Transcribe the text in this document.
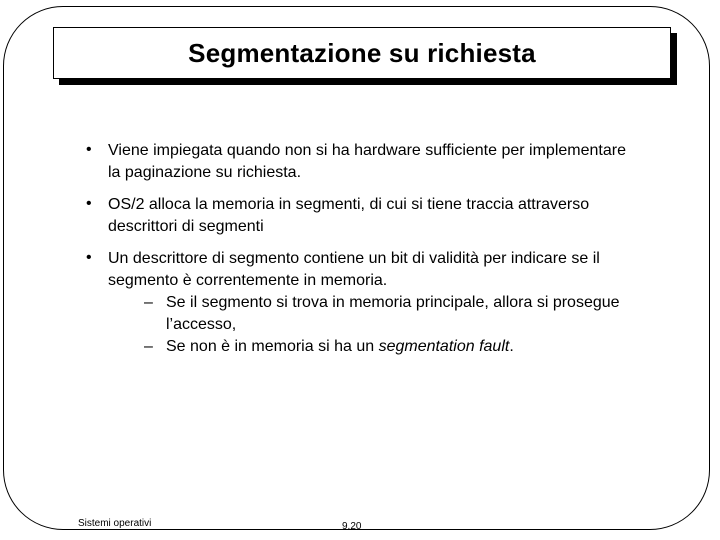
Segmentazione su richiesta
• Viene impiegata quando non si ha hardware sufficiente per implementare la paginazione su richiesta.
• OS/2 alloca la memoria in segmenti, di cui si tiene traccia attraverso descrittori di segmenti
• Un descrittore di segmento contiene un bit di validità per indicare se il segmento è correntemente in memoria.
– Se il segmento si trova in memoria principale, allora si prosegue l’accesso,
– Se non è in memoria si ha un segmentation fault.
Sistemi operativi	9.20
